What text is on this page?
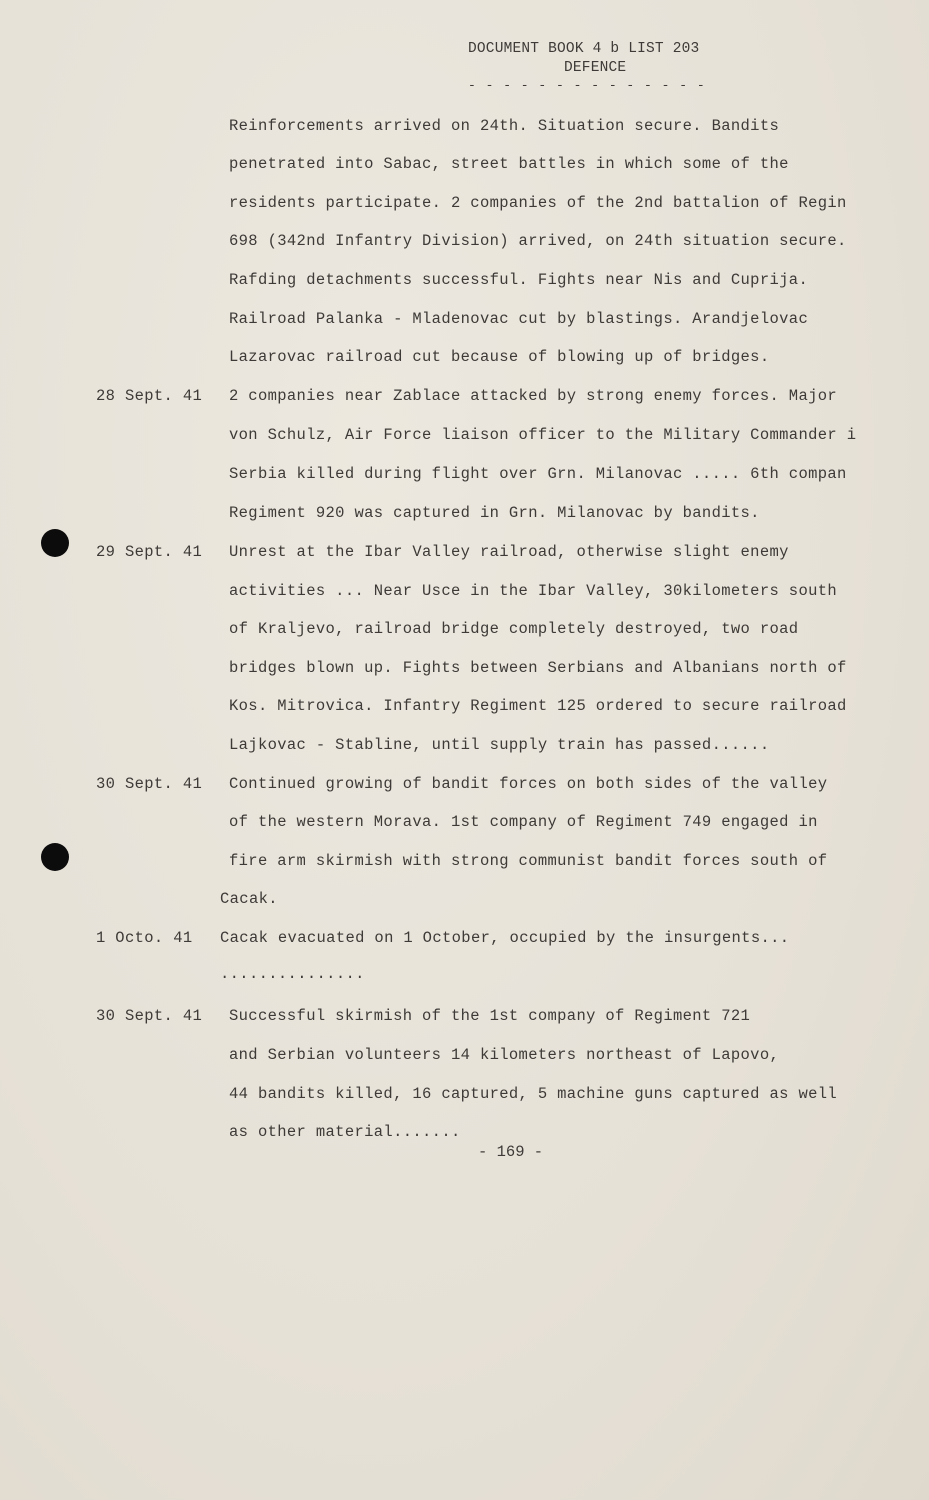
DOCUMENT BOOK 4 b LIST 203
DEFENCE
- - - - - - - - - - - - - -
Reinforcements arrived on 24th. Situation secure. Bandits
penetrated into Sabac, street battles in which some of the
residents participate. 2 companies of the 2nd battalion of Regin
698 (342nd Infantry Division) arrived, on 24th situation secure.
Rafding detachments successful. Fights near Nis and Cuprija.
Railroad Palanka - Mladenovac cut by blastings. Arandjelovac
Lazarovac railroad cut because of blowing up of bridges.
28 Sept. 41 2 companies near Zablace attacked by strong enemy forces. Major
von Schulz, Air Force liaison officer to the Military Commander i
Serbia killed during flight over Grn. Milanovac ..... 6th compan
Regiment 920 was captured in Grn. Milanovac by bandits.
29 Sept. 41 Unrest at the Ibar Valley railroad, otherwise slight enemy
activities ... Near Usce in the Ibar Valley, 30kilometers south
of Kraljevo, railroad bridge completely destroyed, two road
bridges blown up. Fights between Serbians and Albanians north of
Kos. Mitrovica. Infantry Regiment 125 ordered to secure railroad
Lajkovac - Stabline, until supply train has passed......
30 Sept. 41 Continued growing of bandit forces on both sides of the valley
of the western Morava. 1st company of Regiment 749 engaged in
fire arm skirmish with strong communist bandit forces south of
Cacak.
1 Octo. 41 Cacak evacuated on 1 October, occupied by the insurgents...
...............
30 Sept. 41 Successful skirmish of the 1st company of Regiment 721
and Serbian volunteers 14 kilometers northeast of Lapovo,
44 bandits killed, 16 captured, 5 machine guns captured as well
as other material.......
- 169 -
